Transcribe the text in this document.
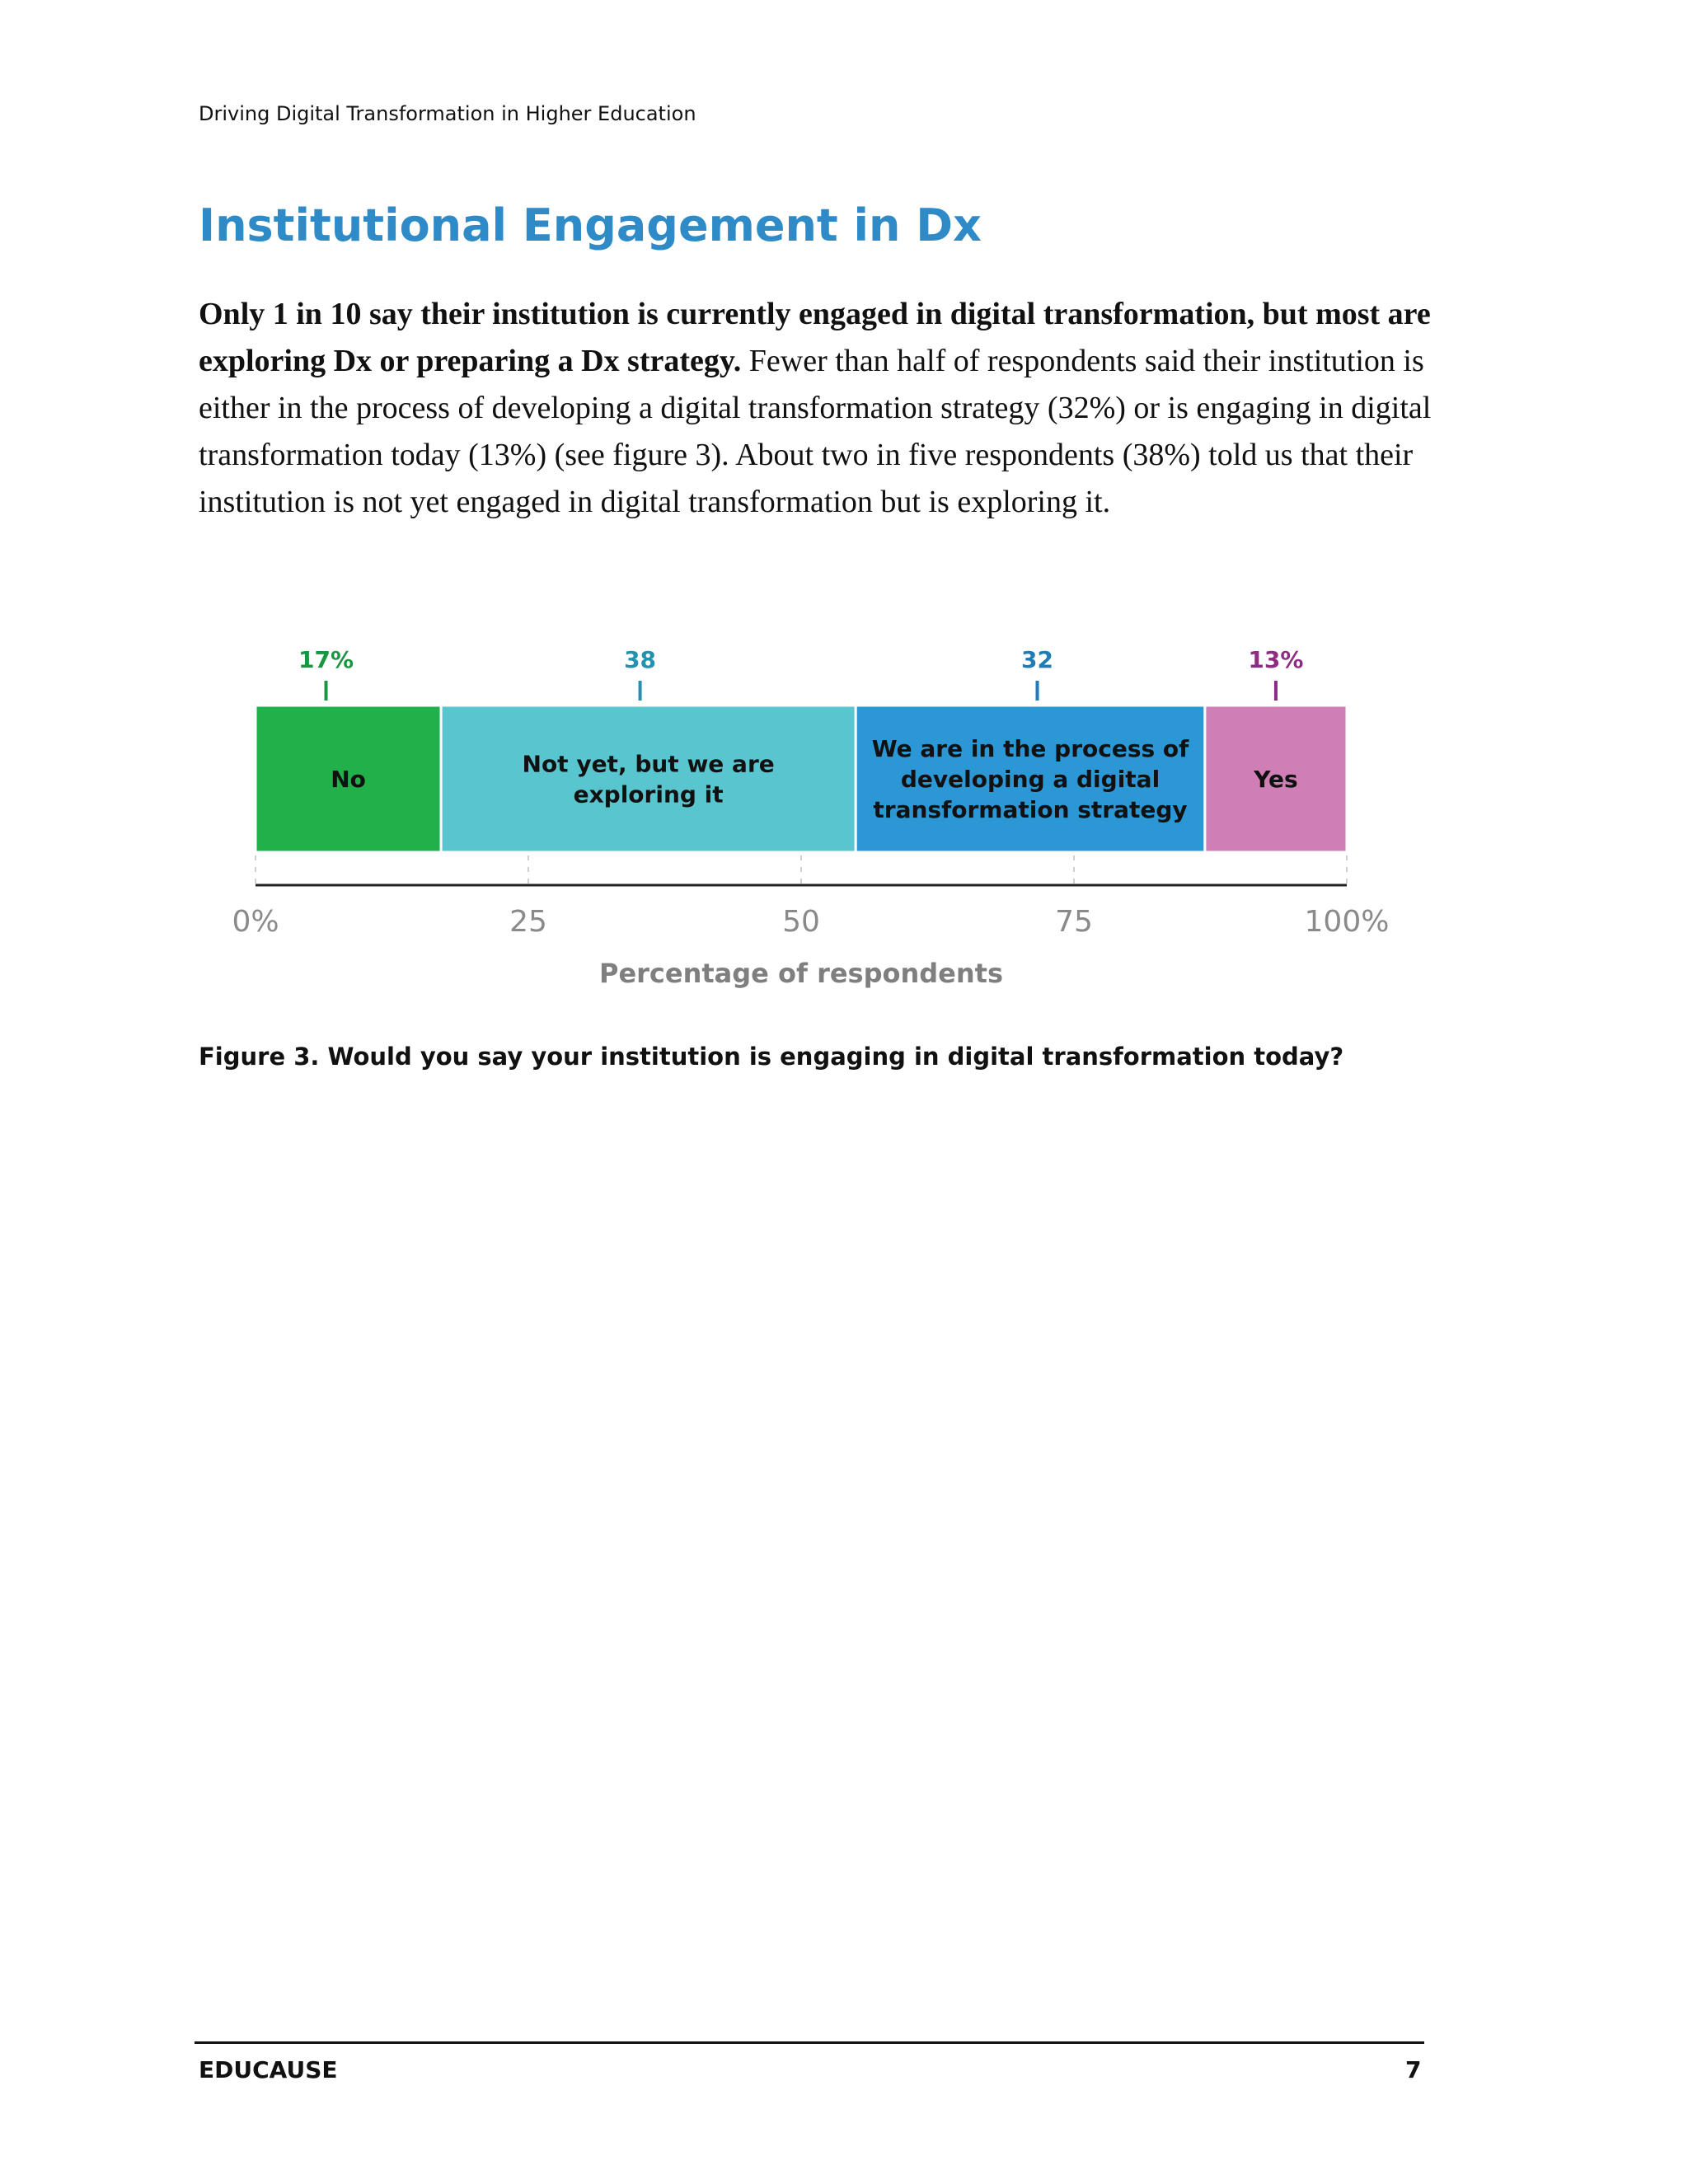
Driving Digital Transformation in Higher Education
Institutional Engagement in Dx

Only 1 in 10 say their institution is currently engaged in digital transformation, but most are exploring Dx or preparing a Dx strategy. Fewer than half of respondents said their institution is either in the process of developing a digital transformation strategy (32%) or is engaging in digital transformation today (13%) (see figure 3). About two in five respondents (38%) told us that their institution is not yet engaged in digital transformation but is exploring it.

No
17%
Not yet, but we are exploring it
38
We are in the process of developing a digital transformation strategy
32
Yes
13%
0%	25	50	75	100%
Percentage of respondents
Figure 3. Would you say your institution is engaging in digital transformation today?
EDUCAUSE	7
